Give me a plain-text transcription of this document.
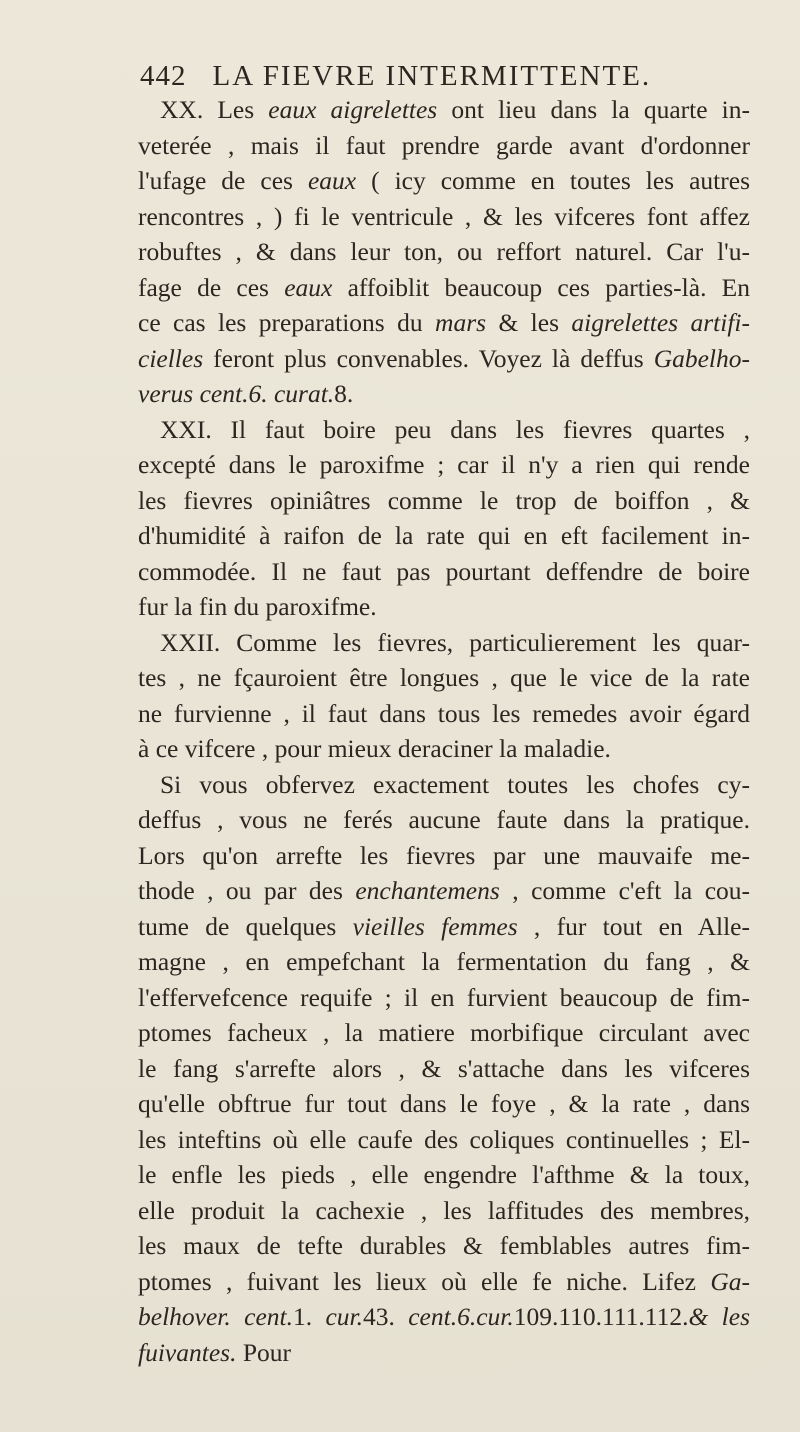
442 LA FIEVRE INTERMITTENTE.
XX. Les eaux aigrelettes ont lieu dans la quarte in-
veterée , mais il faut prendre garde avant d'ordonner
l'ufage de ces eaux ( icy comme en toutes les autres
rencontres , ) fi le ventricule , & les vifceres font affez
robuftes , & dans leur ton, ou reffort naturel. Car l'u-
fage de ces eaux affoiblit beaucoup ces parties-là. En
ce cas les preparations du mars & les aigrelettes artifi-
cielles feront plus convenables. Voyez là deffus Gabelho-
verus cent.6. curat.8.
XXI. Il faut boire peu dans les fievres quartes ,
excepté dans le paroxifme ; car il n'y a rien qui rende
les fievres opiniâtres comme le trop de boiffon , &
d'humidité à raifon de la rate qui en eft facilement in-
commodée. Il ne faut pas pourtant deffendre de boire
fur la fin du paroxifme.
XXII. Comme les fievres, particulierement les quar-
tes , ne fçauroient être longues , que le vice de la rate
ne furvienne , il faut dans tous les remedes avoir égard
à ce vifcere , pour mieux deraciner la maladie.
Si vous obfervez exactement toutes les chofes cy-
deffus , vous ne ferés aucune faute dans la pratique.
Lors qu'on arrefte les fievres par une mauvaife me-
thode , ou par des enchantemens , comme c'eft la cou-
tume de quelques vieilles femmes , fur tout en Alle-
magne , en empefchant la fermentation du fang , &
l'effervefcence requife ; il en furvient beaucoup de fim-
ptomes facheux , la matiere morbifique circulant avec
le fang s'arrefte alors , & s'attache dans les vifceres
qu'elle obftrue fur tout dans le foye , & la rate , dans
les inteftins où elle caufe des coliques continuelles ; El-
le enfle les pieds , elle engendre l'afthme & la toux,
elle produit la cachexie , les laffitudes des membres,
les maux de tefte durables & femblables autres fim-
ptomes , fuivant les lieux où elle fe niche. Lifez Ga-
belhover. cent.1. cur.43. cent.6.cur.109.110.111.112.& les
fuivantes. Pour
